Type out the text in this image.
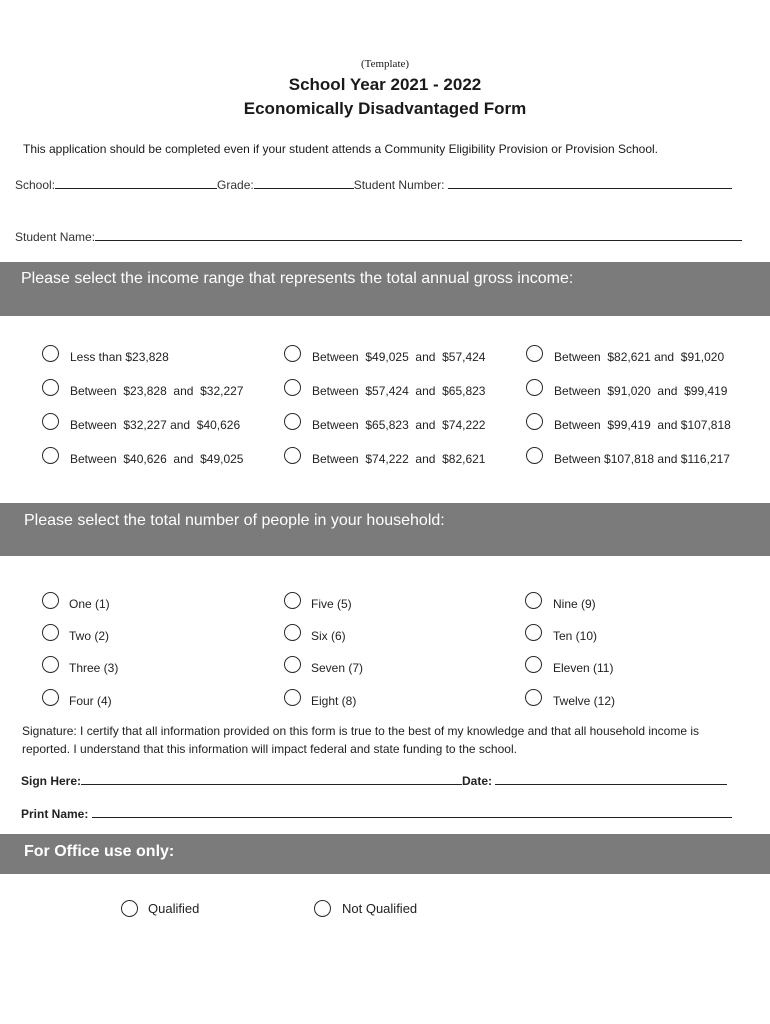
(Template)
School Year 2021 - 2022
Economically Disadvantaged Form
This application should be completed even if your student attends a Community Eligibility Provision or Provision School.
School:	Grade:	Student Number:
Student Name:
Please select the income range that represents the total annual gross income:
Less than $23,828
Between  $23,828  and  $32,227
Between  $32,227 and  $40,626
Between  $40,626  and  $49,025
Between  $49,025  and  $57,424
Between  $57,424  and  $65,823
Between  $65,823  and  $74,222
Between  $74,222  and  $82,621
Between  $82,621 and  $91,020
Between  $91,020  and  $99,419
Between  $99,419  and $107,818
Between $107,818 and $116,217
Please select the total number of people in your household:
One (1)
Two (2)
Three (3)
Four (4)
Five (5)
Six (6)
Seven (7)
Eight (8)
Nine (9)
Ten (10)
Eleven (11)
Twelve (12)
Signature: I certify that all information provided on this form is true to the best of my knowledge and that all household income is
reported. I understand that this information will impact federal and state funding to the school.
Sign Here:	Date:
Print Name:
For Office use only:
Qualified	Not Qualified
